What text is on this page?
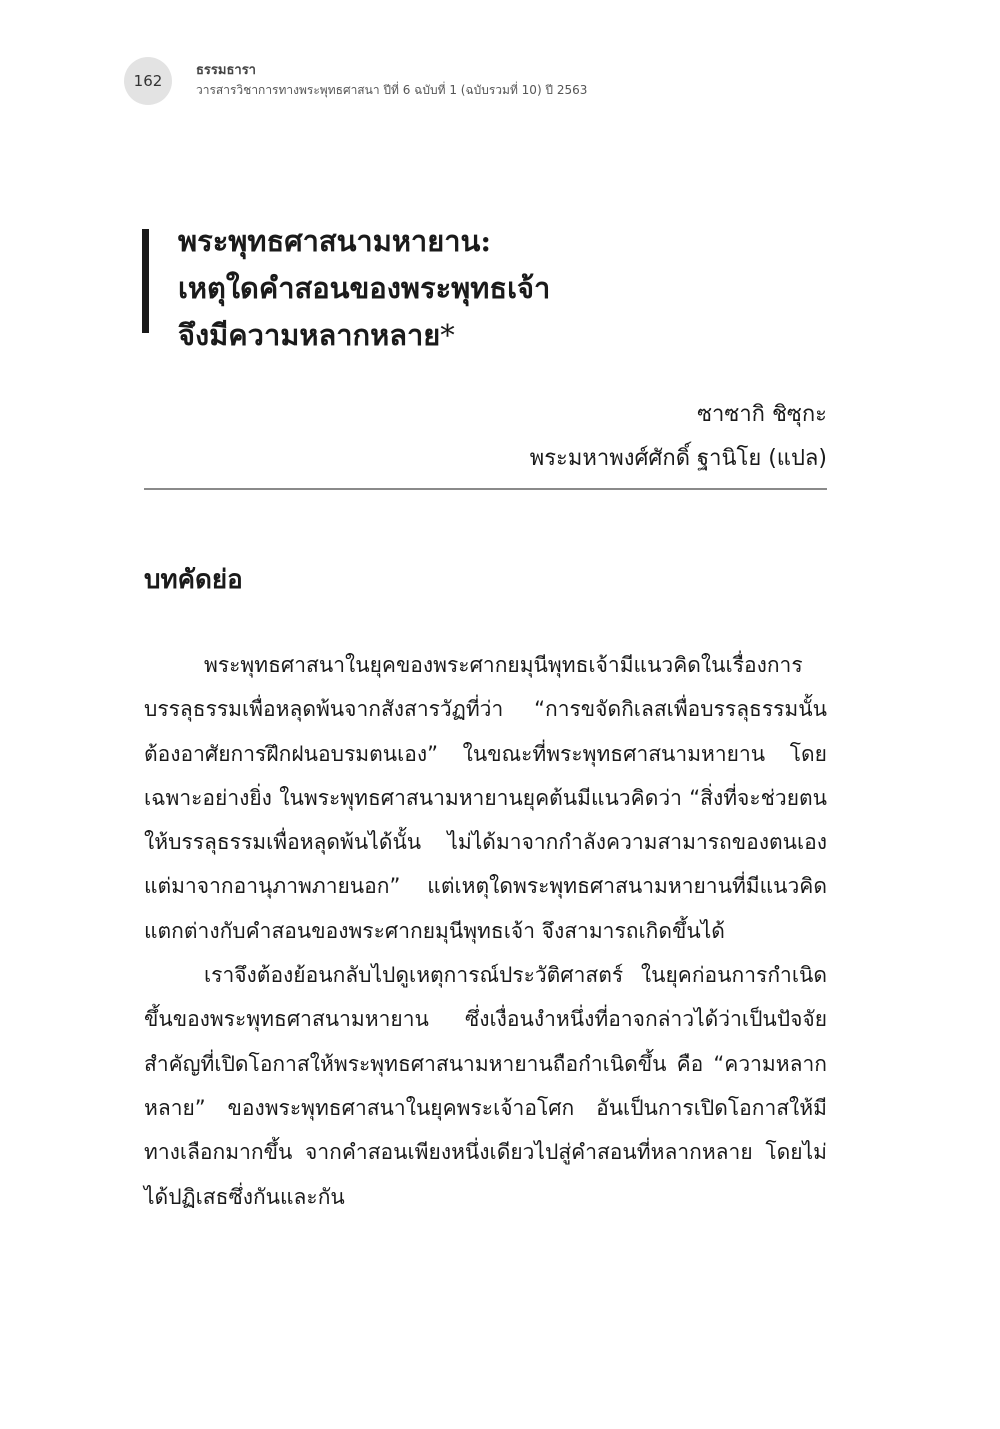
162
ธรรมธารา
วารสารวิชาการทางพระพุทธศาสนา ปีที่ 6 ฉบับที่ 1 (ฉบับรวมที่ 10) ปี 2563
พระพุทธศาสนามหายาน:
เหตุใดคำสอนของพระพุทธเจ้า
จึงมีความหลากหลาย*
ซาซากิ ชิซุกะ
พระมหาพงศ์ศักดิ์ ฐานิโย (แปล)
บทคัดย่อ

พระพุทธศาสนาในยุคของพระศากยมุนีพุทธเจ้ามีแนวคิดในเรื่องการบรรลุธรรมเพื่อหลุดพ้นจากสังสารวัฏที่ว่า “การขจัดกิเลสเพื่อบรรลุธรรมนั้น ต้องอาศัยการฝึกฝนอบรมตนเอง” ในขณะที่พระพุทธศาสนามหายาน โดยเฉพาะอย่างยิ่ง ในพระพุทธศาสนามหายานยุคต้นมีแนวคิดว่า “สิ่งที่จะช่วยตนให้บรรลุธรรมเพื่อหลุดพ้นได้นั้น ไม่ได้มาจากกำลังความสามารถของตนเอง แต่มาจากอานุภาพภายนอก” แต่เหตุใดพระพุทธศาสนามหายานที่มีแนวคิดแตกต่างกับคำสอนของพระศากยมุนีพุทธเจ้า จึงสามารถเกิดขึ้นได้

เราจึงต้องย้อนกลับไปดูเหตุการณ์ประวัติศาสตร์ ในยุคก่อนการกำเนิดขึ้นของพระพุทธศาสนามหายาน ซึ่งเงื่อนงำหนึ่งที่อาจกล่าวได้ว่าเป็นปัจจัยสำคัญที่เปิดโอกาสให้พระพุทธศาสนามหายานถือกำเนิดขึ้น คือ “ความหลากหลาย” ของพระพุทธศาสนาในยุคพระเจ้าอโศก อันเป็นการเปิดโอกาสให้มีทางเลือกมากขึ้น จากคำสอนเพียงหนึ่งเดียวไปสู่คำสอนที่หลากหลาย โดยไม่ได้ปฏิเสธซึ่งกันและกัน
